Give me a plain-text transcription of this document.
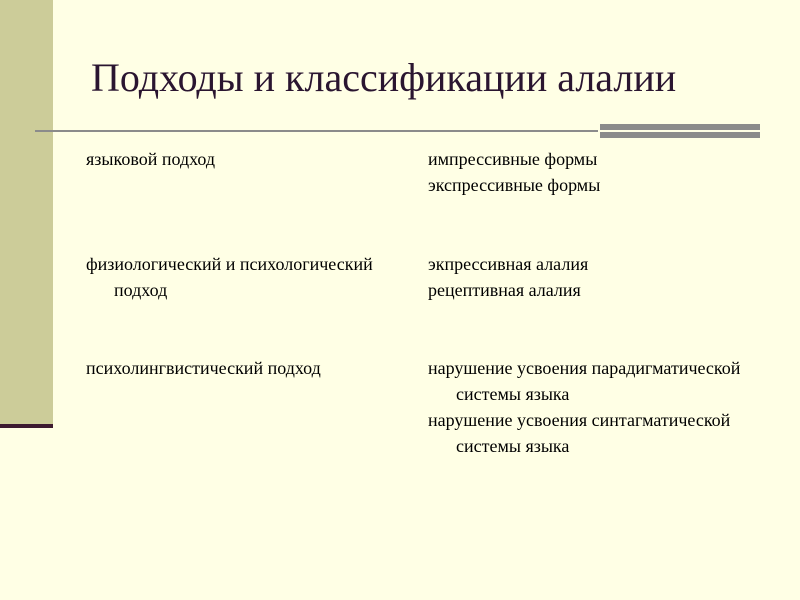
Подходы и классификации алалии

языковой подход	импрессивные формы

экспрессивные формы

физиологический и психологический подход

экпрессивная алалия

рецептивная алалия

психолингвистический подход	нарушение усвоения парадигматической системы языка

нарушение усвоения синтагматической системы языка
